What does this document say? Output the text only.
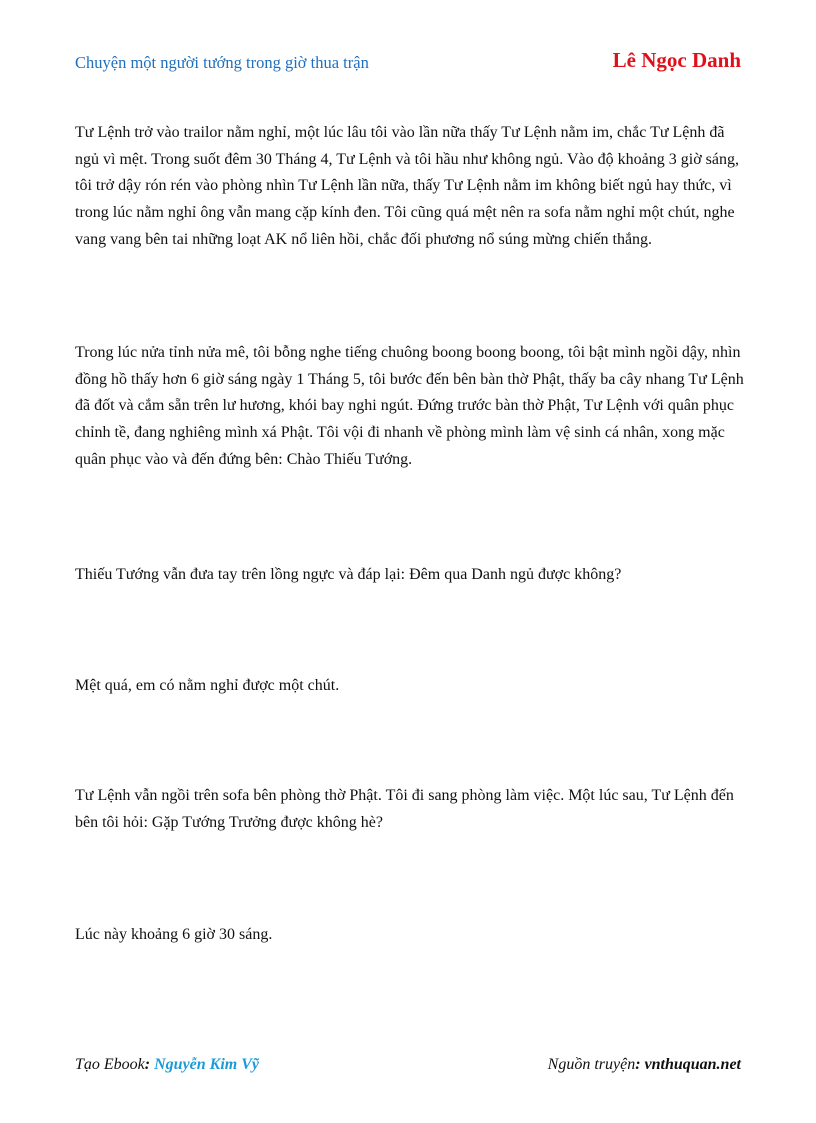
Chuyện một người tướng trong giờ thua trận	Lê Ngọc Danh

Tư Lệnh trở vào trailor nằm nghỉ, một lúc lâu tôi vào lần nữa thấy Tư Lệnh nằm im, chắc Tư Lệnh đã ngủ vì mệt. Trong suốt đêm 30 Tháng 4, Tư Lệnh và tôi hầu như không ngủ. Vào độ khoảng 3 giờ sáng, tôi trở dậy rón rén vào phòng nhìn Tư Lệnh lần nữa, thấy Tư Lệnh nằm im không biết ngủ hay thức, vì trong lúc nằm nghỉ ông vẫn mang cặp kính đen. Tôi cũng quá mệt nên ra sofa nằm nghỉ một chút, nghe vang vang bên tai những loạt AK nổ liên hồi, chắc đối phương nổ súng mừng chiến thắng.

Trong lúc nửa tỉnh nửa mê, tôi bỗng nghe tiếng chuông boong boong boong, tôi bật mình ngồi dậy, nhìn đồng hồ thấy hơn 6 giờ sáng ngày 1 Tháng 5, tôi bước đến bên bàn thờ Phật, thấy ba cây nhang Tư Lệnh đã đốt và cắm sẵn trên lư hương, khói bay nghi ngút. Đứng trước bàn thờ Phật, Tư Lệnh với quân phục chỉnh tề, đang nghiêng mình xá Phật. Tôi vội đi nhanh về phòng mình làm vệ sinh cá nhân, xong mặc quân phục vào và đến đứng bên: Chào Thiếu Tướng.

Thiếu Tướng vẫn đưa tay trên lồng ngực và đáp lại: Đêm qua Danh ngủ được không?

Mệt quá, em có nằm nghỉ được một chút.

Tư Lệnh vẫn ngồi trên sofa bên phòng thờ Phật. Tôi đi sang phòng làm việc. Một lúc sau, Tư Lệnh đến bên tôi hỏi: Gặp Tướng Trưởng được không hè?

Lúc này khoảng 6 giờ 30 sáng.

Tạo Ebook: Nguyễn Kim Vỹ	Nguồn truyện: vnthuquan.net
